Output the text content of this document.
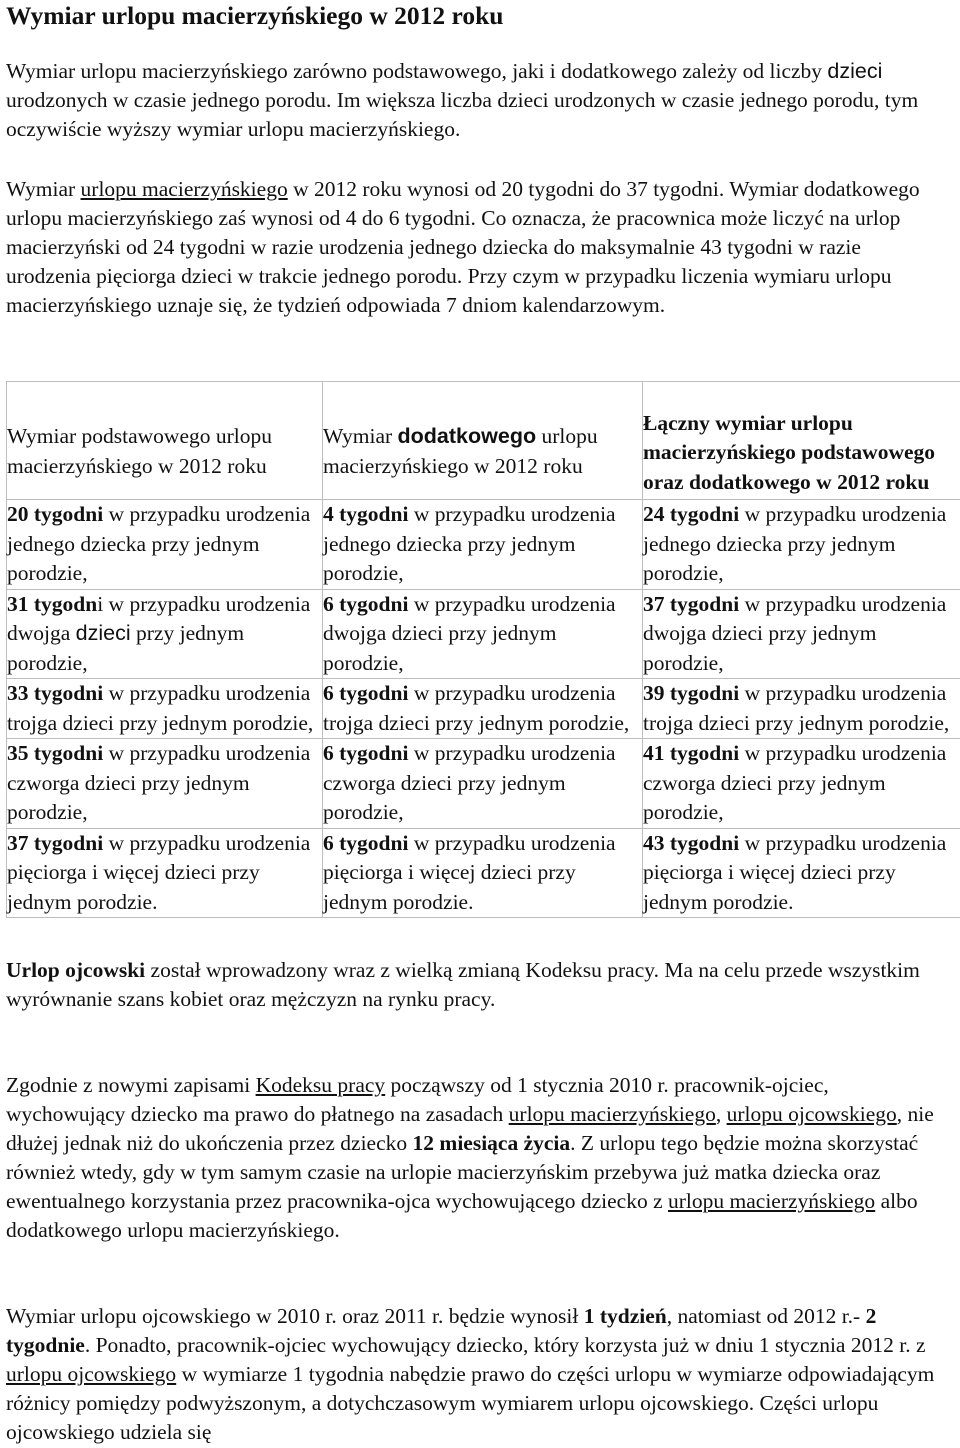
Wymiar urlopu macierzyńskiego w 2012 roku

Wymiar urlopu macierzyńskiego zarówno podstawowego, jaki i dodatkowego zależy od liczby dzieci urodzonych w czasie jednego porodu. Im większa liczba dzieci urodzonych w czasie jednego porodu, tym oczywiście wyższy wymiar urlopu macierzyńskiego.

Wymiar urlopu macierzyńskiego w 2012 roku wynosi od 20 tygodni do 37 tygodni. Wymiar dodatkowego urlopu macierzyńskiego zaś wynosi od 4 do 6 tygodni. Co oznacza, że pracownica może liczyć na urlop macierzyński od 24 tygodni w razie urodzenia jednego dziecka do maksymalnie 43 tygodni w razie urodzenia pięciorga dzieci w trakcie jednego porodu. Przy czym w przypadku liczenia wymiaru urlopu macierzyńskiego uznaje się, że tydzień odpowiada 7 dniom kalendarzowym.

Wymiar podstawowego urlopu macierzyńskiego w 2012 roku	Wymiar dodatkowego urlopu macierzyńskiego w 2012 roku	Łączny wymiar urlopu macierzyńskiego podstawowego oraz dodatkowego w 2012 roku
20 tygodni w przypadku urodzenia jednego dziecka przy jednym porodzie,	4 tygodni w przypadku urodzenia jednego dziecka przy jednym porodzie,	24 tygodni w przypadku urodzenia jednego dziecka przy jednym porodzie,
31 tygodni w przypadku urodzenia dwojga dzieci przy jednym porodzie,	6 tygodni w przypadku urodzenia dwojga dzieci przy jednym porodzie,	37 tygodni w przypadku urodzenia dwojga dzieci przy jednym porodzie,
33 tygodni w przypadku urodzenia trojga dzieci przy jednym porodzie,	6 tygodni w przypadku urodzenia trojga dzieci przy jednym porodzie,	39 tygodni w przypadku urodzenia trojga dzieci przy jednym porodzie,
35 tygodni w przypadku urodzenia czworga dzieci przy jednym porodzie,	6 tygodni w przypadku urodzenia czworga dzieci przy jednym porodzie,	41 tygodni w przypadku urodzenia czworga dzieci przy jednym porodzie,
37 tygodni w przypadku urodzenia pięciorga i więcej dzieci przy jednym porodzie.	6 tygodni w przypadku urodzenia pięciorga i więcej dzieci przy jednym porodzie.	43 tygodni w przypadku urodzenia pięciorga i więcej dzieci przy jednym porodzie.

Urlop ojcowski został wprowadzony wraz z wielką zmianą Kodeksu pracy. Ma na celu przede wszystkim wyrównanie szans kobiet oraz mężczyzn na rynku pracy.

Zgodnie z nowymi zapisami Kodeksu pracy począwszy od 1 stycznia 2010 r. pracownik-ojciec, wychowujący dziecko ma prawo do płatnego na zasadach urlopu macierzyńskiego, urlopu ojcowskiego, nie dłużej jednak niż do ukończenia przez dziecko 12 miesiąca życia. Z urlopu tego będzie można skorzystać również wtedy, gdy w tym samym czasie na urlopie macierzyńskim przebywa już matka dziecka oraz ewentualnego korzystania przez pracownika-ojca wychowującego dziecko z urlopu macierzyńskiego albo dodatkowego urlopu macierzyńskiego.

Wymiar urlopu ojcowskiego w 2010 r. oraz 2011 r. będzie wynosił 1 tydzień, natomiast od 2012 r.- 2 tygodnie. Ponadto, pracownik-ojciec wychowujący dziecko, który korzysta już w dniu 1 stycznia 2012 r. z urlopu ojcowskiego w wymiarze 1 tygodnia nabędzie prawo do części urlopu w wymiarze odpowiadającym różnicy pomiędzy podwyższonym, a dotychczasowym wymiarem urlopu ojcowskiego. Części urlopu ojcowskiego udziela się
